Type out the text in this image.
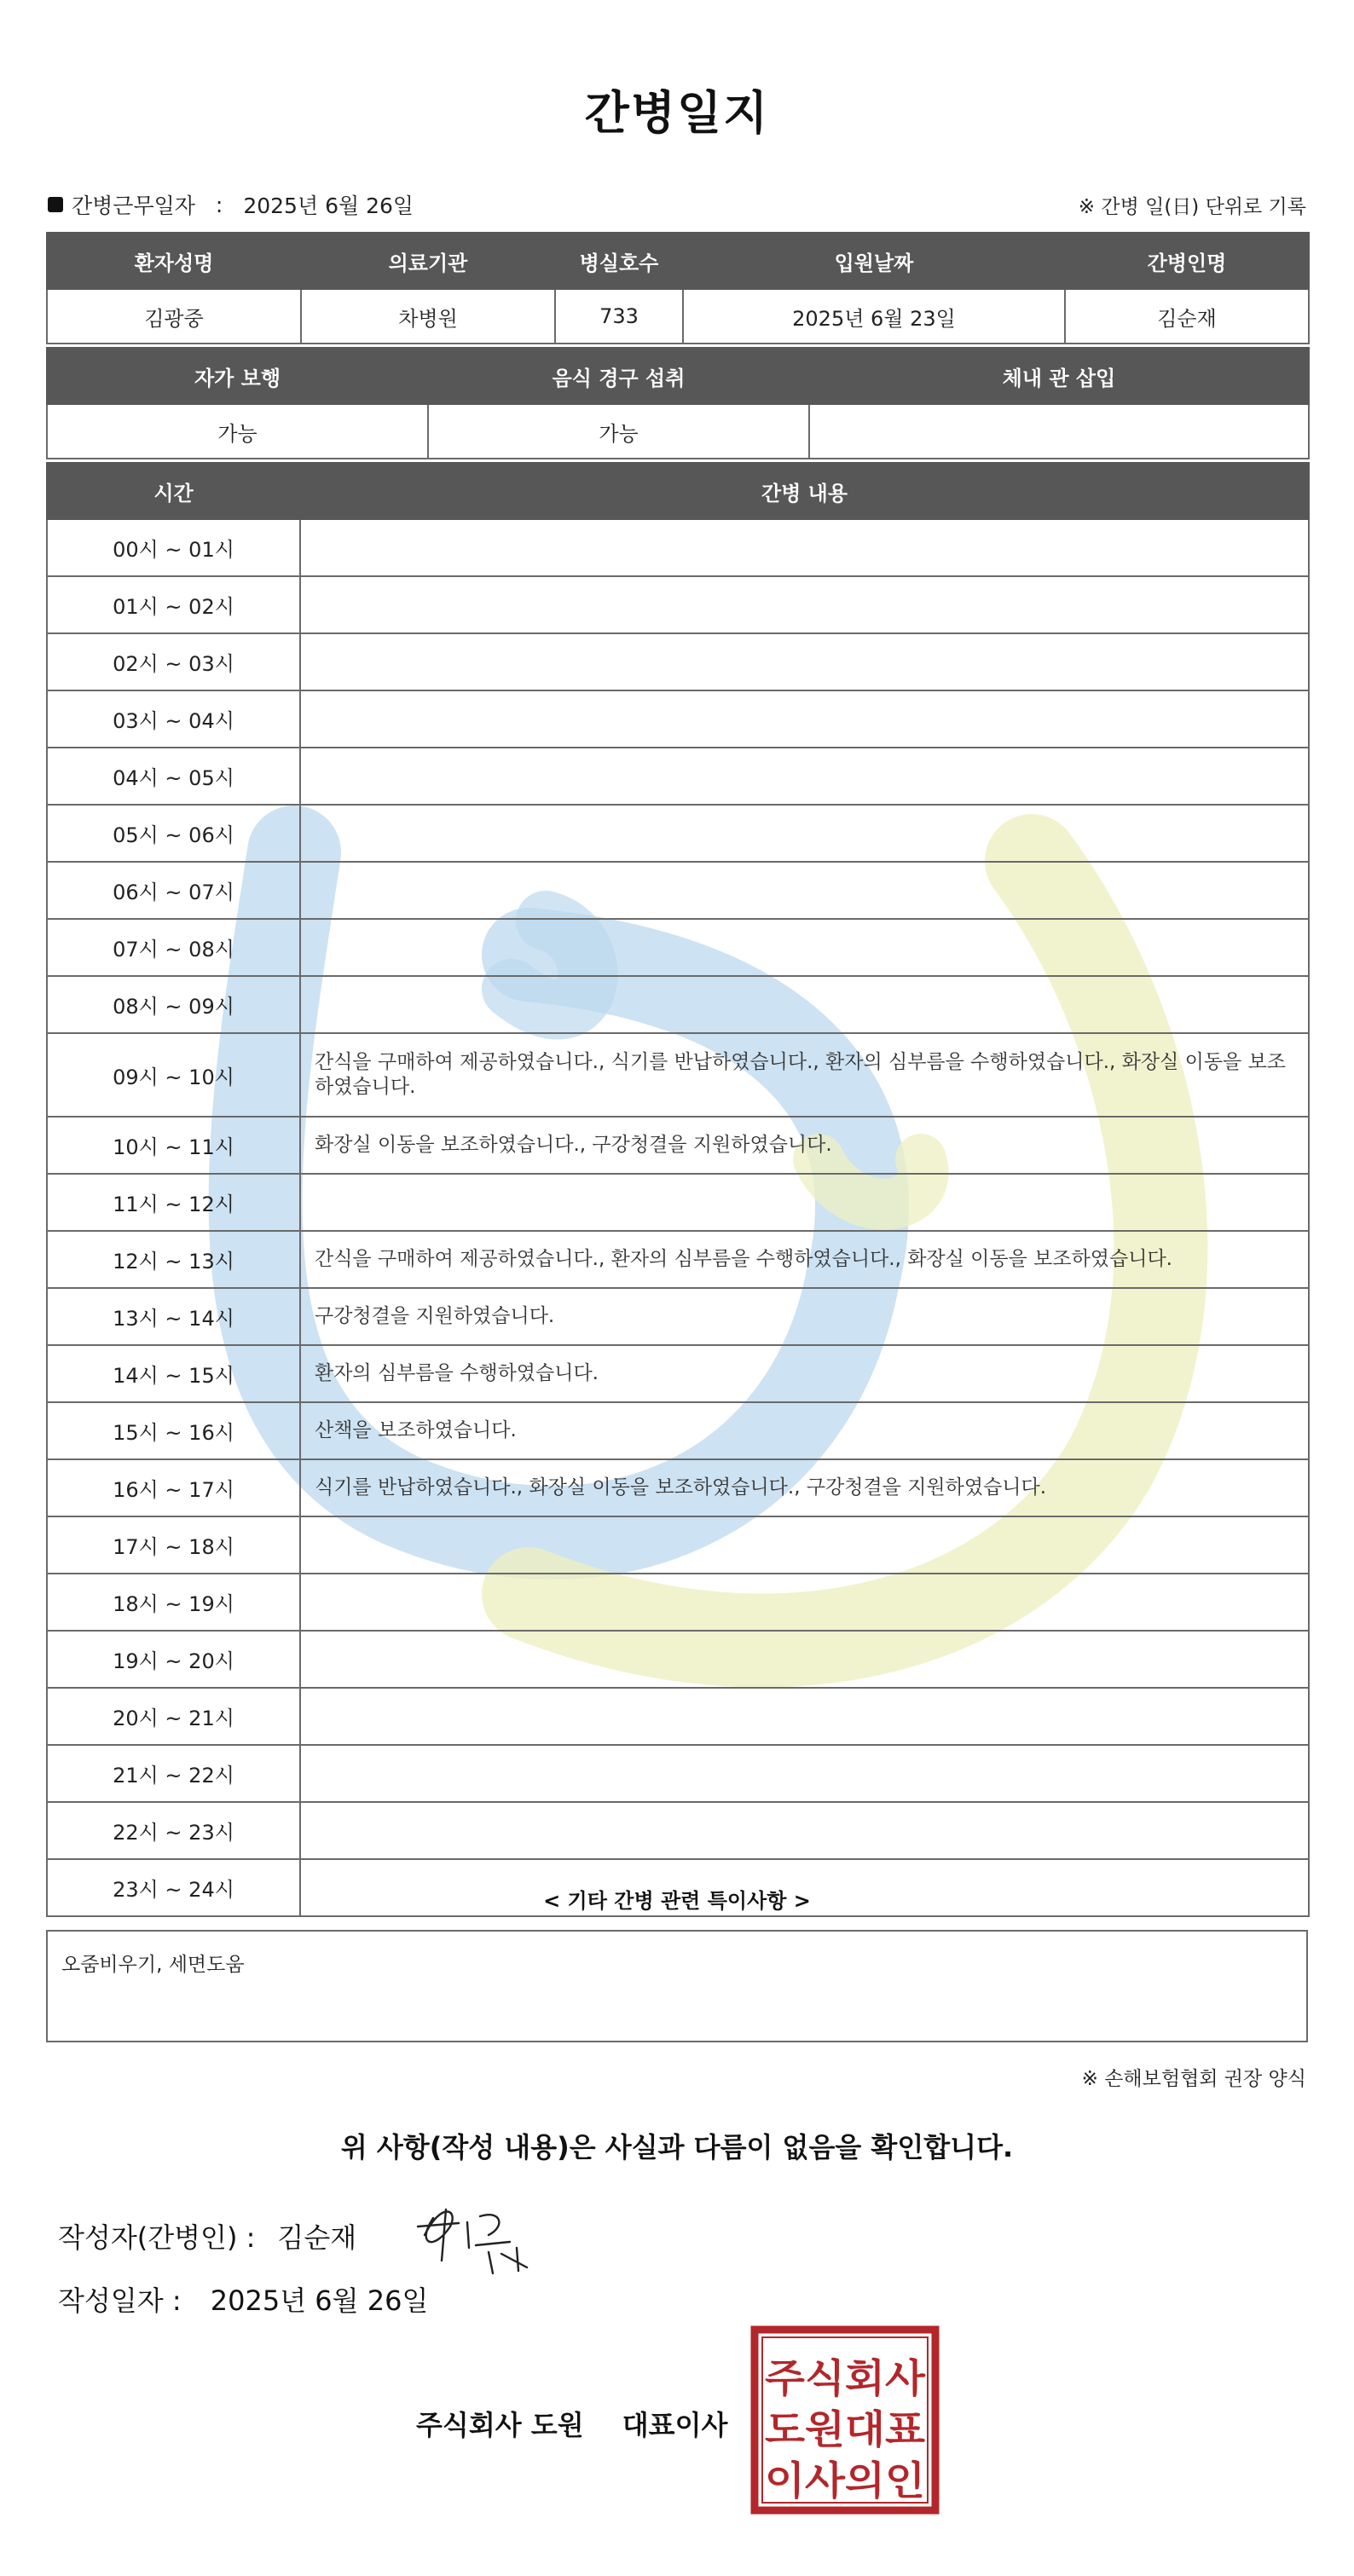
간병일지
간병근무일자 : 2025년 6월 26일	※ 간병 일(日) 단위로 기록
환자성명	의료기관	병실호수	입원날짜	간병인명
김광중	차병원	733	2025년 6월 23일	김순재
자가 보행	음식 경구 섭취	체내 관 삽입
가능	가능	
시간	간병 내용
00시 ~ 01시	
01시 ~ 02시	
02시 ~ 03시	
03시 ~ 04시	
04시 ~ 05시	
05시 ~ 06시	
06시 ~ 07시	
07시 ~ 08시	
08시 ~ 09시	
09시 ~ 10시	간식을 구매하여 제공하였습니다., 식기를 반납하였습니다., 환자의 심부름을 수행하였습니다., 화장실 이동을 보조하였습니다.
10시 ~ 11시	화장실 이동을 보조하였습니다., 구강청결을 지원하였습니다.
11시 ~ 12시	
12시 ~ 13시	간식을 구매하여 제공하였습니다., 환자의 심부름을 수행하였습니다., 화장실 이동을 보조하였습니다.
13시 ~ 14시	구강청결을 지원하였습니다.
14시 ~ 15시	환자의 심부름을 수행하였습니다.
15시 ~ 16시	산책을 보조하였습니다.
16시 ~ 17시	식기를 반납하였습니다., 화장실 이동을 보조하였습니다., 구강청결을 지원하였습니다.
17시 ~ 18시	
18시 ~ 19시	
19시 ~ 20시	
20시 ~ 21시	
21시 ~ 22시	
22시 ~ 23시	
23시 ~ 24시		< 기타 간병 관련 특이사항 >
오줌비우기, 세면도움
※ 손해보험협회 권장 양식
위 사항(작성 내용)은 사실과 다름이 없음을 확인합니다.
작성자(간병인) : 김순재
작성일자 : 2025년 6월 26일
주식회사 도원 대표이사
주식회사
도원대표
이사의인
